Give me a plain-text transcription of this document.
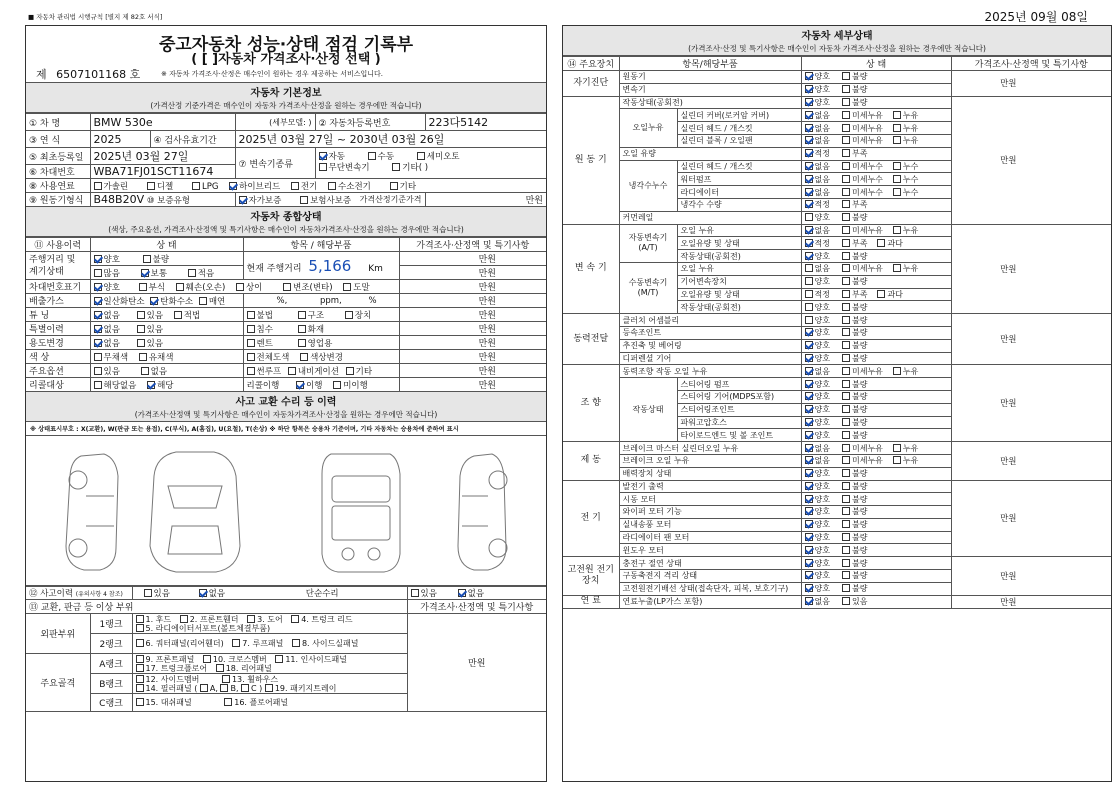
■ 자동차 관리법 시행규칙 [별지 제 82호 서식]	2025년 09월 08일
중고자동차 성능·상태 점검 기록부
( [ ]자동차 가격조사·산정 선택 )
제 6507101168 호	※ 자동차 가격조사·산정은 매수인이 원하는 경우 제공하는 서비스입니다.
자동차 기본정보
(가격산정 기준가격은 매수인이 자동차 가격조사·산정을 원하는 경우에만 적습니다)
① 차 명	BMW 530e		(세부모델: )	② 자동차등록번호	223다5142
③ 연 식	2025	④ 검사유효기간	2025년 03월 27일 ~ 2030년 03월 26일		
⑤ 최초등록일	2025년 03월 27일		⑦ 변속기종류	자동 수동 세미오토
무단변속기 기타( )	
⑥ 차대번호	WBA71FJ01SCT11674				
⑧ 사용연료	가솔린 디젤 LPG 하이브리드 전기 수소전기 기타				
⑨ 원동기형식	B48B20V ⑩ 보증유형		자가보증 보험사보증 가격산정기준가격		만원
자동차 종합상태
(색상, 주요옵션, 가격조사·산정액 및 특기사항은 매수인이 자동차가격조사·산정을 원하는 경우에만 적습니다)
⑪ 사용이력	상 태	항목 / 해당부품	가격조사·산정액 및 특기사항
주행거리 및 계기상태	양호 불량	현재 주행거리 5,166 Km	만원
	많음 보통 적음		만원
차대번호표기	양호 부식 훼손(오손) 상이 변조(변타) 도말		만원
배출가스	일산화탄소 탄화수소 매연	%, ppm, %	만원
튜 닝	없음 있음 적법	불법 구조 장치	만원
특별이력	없음 있음	침수 화재	만원
용도변경	없음 있음	렌트 영업용	만원
색 상	무채색 유채색	전체도색 색상변경	만원
주요옵션	있음 없음	썬루프 내비게이션 기타	만원
리콜대상	해당없음 해당	리콜이행 이행 미이행	만원
사고 교환 수리 등 이력
(가격조사·산정액 및 특기사항은 매수인이 자동차가격조사·산정을 원하는 경우에만 적습니다)
※ 상태표시부호 : X(교환), W(판금 또는 용접), C(부식), A(흠집), U(요철), T(손상) ※ 하단 항목은 승용차 기준이며, 기타 자동차는 승용차에 준하여 표시
⑫ 사고이력 (유의사항 4 참조)		있음 없음 단순수리	있음 없음
⑬ 교환, 판금 등 이상 부위			가격조사·산정액 및 특기사항
외판부위	1랭크	1. 후드 2. 프론트휀더 3. 도어 4. 트렁크 리드
5. 라디에이터서포트(볼트체결부품)	만원
	2랭크	6. 쿼터패널(리어휀더) 7. 루프패널 8. 사이드실패널	
주요골격	A랭크	9. 프론트패널 10. 크로스멤버 11. 인사이드패널
17. 트렁크플로어 18. 리어패널	
	B랭크	12. 사이드멤버 13. 휠하우스
14. 필러패널 ( A, B, C ) 19. 패키지트레이	
	C랭크	15. 대쉬패널 16. 플로어패널	
자동차 세부상태
(가격조사·산정 및 특기사항은 매수인이 자동차 가격조사·산정을 원하는 경우에만 적습니다)
⑭ 주요장치	항목/해당부품		상 태	가격조사·산정액 및 특기사항
자기진단	원동기		양호 불량	만원
	변속기		양호 불량	
원 동 기	작동상태(공회전)		양호 불량	만원
	오일누유	실린더 커버(로커암 커버)	없음 미세누유 누유	
		실린더 헤드 / 개스킷	없음 미세누유 누유	
		실린더 블록 / 오일팬	없음 미세누유 누유	
	오일 유량		적정 부족	
	냉각수누수	실린더 헤드 / 개스킷	없음 미세누수 누수	
		워터펌프	없음 미세누수 누수	
		라디에이터	없음 미세누수 누수	
		냉각수 수량	적정 부족	
	커먼레일		양호 불량	
변 속 기	자동변속기 (A/T)	오일 누유	없음 미세누유 누유	만원
		오일유량 및 상태	적정 부족 과다	
		작동상태(공회전)	양호 불량	
	수동변속기 (M/T)	오일 누유	없음 미세누유 누유	
		기어변속장치	양호 불량	
		오일유량 및 상태	적정 부족 과다	
		작동상태(공회전)	양호 불량	
동력전달	클러치 어셈블리		양호 불량	만원
	등속조인트		양호 불량	
	추진축 및 베어링		양호 불량	
	디퍼렌셜 기어		양호 불량	
조 향	동력조향 작동 오일 누유		없음 미세누유 누유	만원
	작동상태	스티어링 펌프	양호 불량	
		스티어링 기어(MDPS포함)	양호 불량	
		스티어링조인트	양호 불량	
		파워고압호스	양호 불량	
		타이로드엔드 및 볼 조인트	양호 불량	
제 동	브레이크 마스터 실린더오일 누유		없음 미세누유 누유	만원
	브레이크 오일 누유		없음 미세누유 누유	
	배력장치 상태		양호 불량	
전 기	발전기 출력		양호 불량	만원
	시동 모터		양호 불량	
	와이퍼 모터 기능		양호 불량	
	실내송풍 모터		양호 불량	
	라디에이터 팬 모터		양호 불량	
	윈도우 모터		양호 불량	
고전원 전기장치	충전구 절연 상태		양호 불량	만원
	구동축전지 격리 상태		양호 불량	
	고전원전기배선 상태(접속단자, 피복, 보호기구)		양호 불량	
연 료	연료누출(LP가스 포함)		없음 있음	만원
